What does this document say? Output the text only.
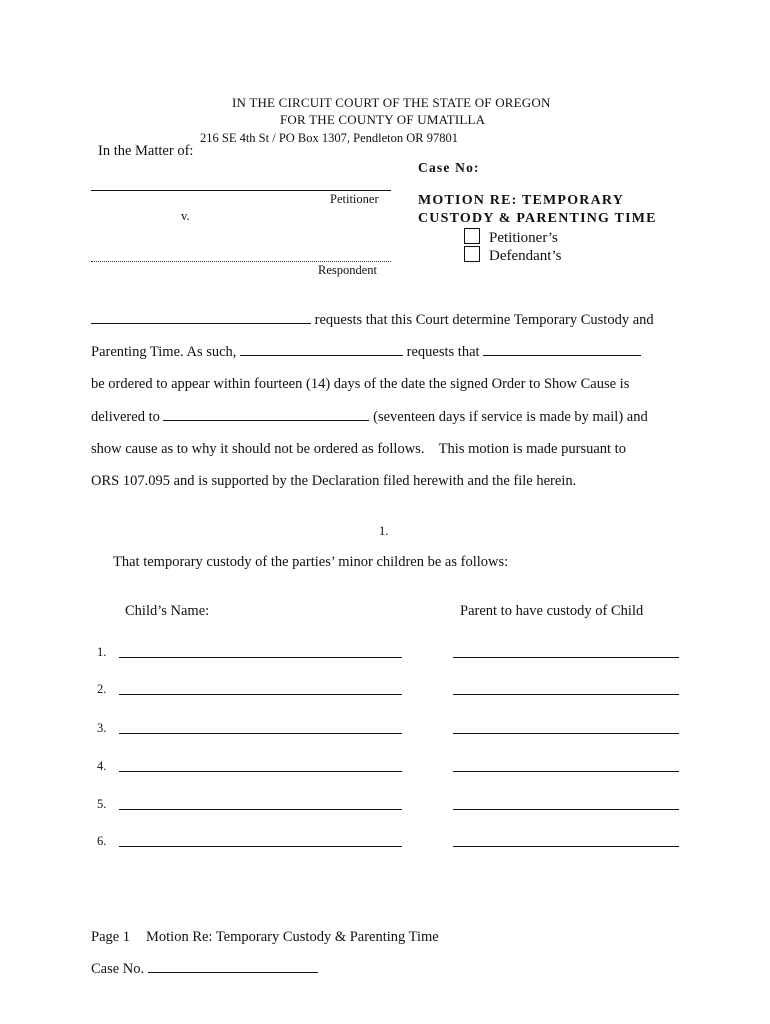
IN THE CIRCUIT COURT OF THE STATE OF OREGON
FOR THE COUNTY OF UMATILLA
216 SE 4th St / PO Box 1307, Pendleton OR 97801
In the Matter of:
Case No:
Petitioner
v.
Respondent
MOTION RE: TEMPORARY
CUSTODY & PARENTING TIME
Petitioner’s
Defendant’s
requests that this Court determine Temporary Custody and
Parenting Time. As such,	requests that
be ordered to appear within fourteen (14) days of the date the signed Order to Show Cause is
delivered to	(seventeen days if service is made by mail) and
show cause as to why it should not be ordered as follows.    This motion is made pursuant to
ORS 107.095 and is supported by the Declaration filed herewith and the file herein.
1.
That temporary custody of the parties’ minor children be as follows:
Child’s Name:	Parent to have custody of Child
1.
2.
3.
4.
5.
6.
Page 1 Motion Re: Temporary Custody & Parenting Time
Case No.
